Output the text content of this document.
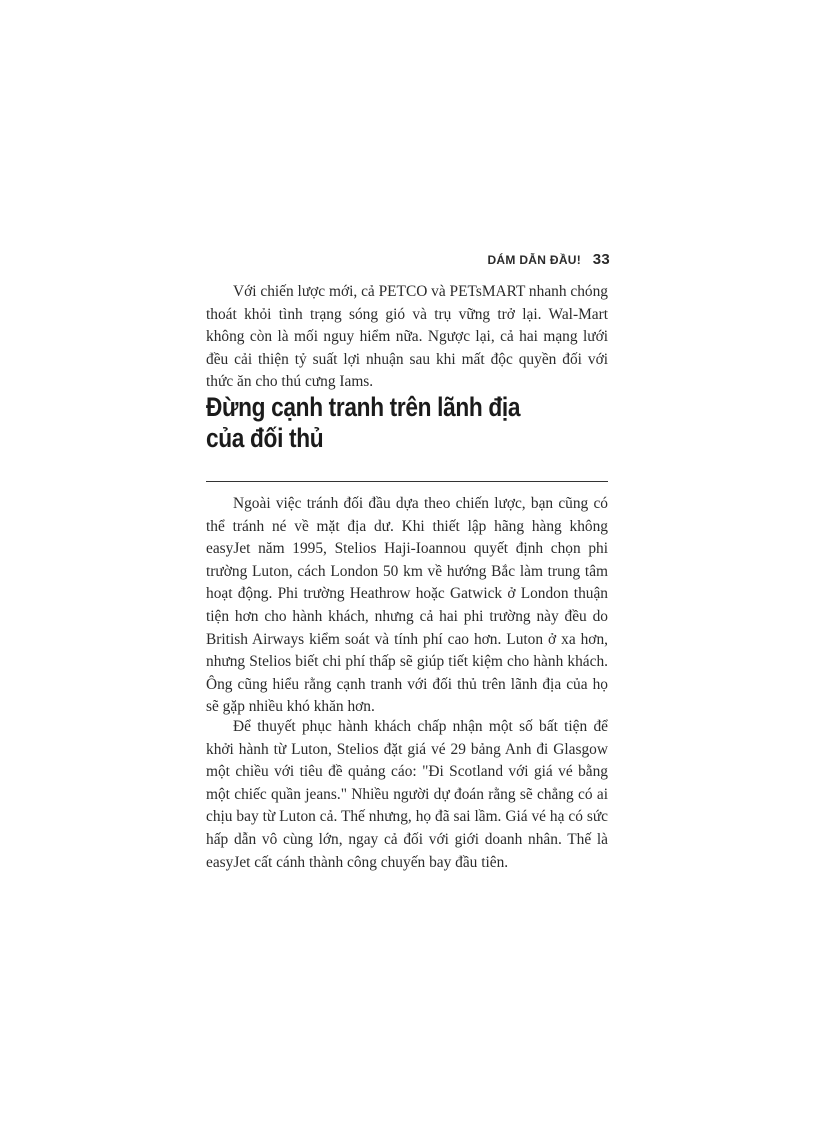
DÁM DẪN ĐẦU! 33

Với chiến lược mới, cả PETCO và PETsMART nhanh chóng thoát khỏi tình trạng sóng gió và trụ vững trở lại. Wal-Mart không còn là mối nguy hiểm nữa. Ngược lại, cả hai mạng lưới đều cải thiện tỷ suất lợi nhuận sau khi mất độc quyền đối với thức ăn cho thú cưng Iams.

Đừng cạnh tranh trên lãnh địa
của đối thủ

Ngoài việc tránh đối đầu dựa theo chiến lược, bạn cũng có thể tránh né về mặt địa dư. Khi thiết lập hãng hàng không easyJet năm 1995, Stelios Haji-Ioannou quyết định chọn phi trường Luton, cách London 50 km về hướng Bắc làm trung tâm hoạt động. Phi trường Heathrow hoặc Gatwick ở London thuận tiện hơn cho hành khách, nhưng cả hai phi trường này đều do British Airways kiểm soát và tính phí cao hơn. Luton ở xa hơn, nhưng Stelios biết chi phí thấp sẽ giúp tiết kiệm cho hành khách. Ông cũng hiểu rằng cạnh tranh với đối thủ trên lãnh địa của họ sẽ gặp nhiều khó khăn hơn.

Để thuyết phục hành khách chấp nhận một số bất tiện để khởi hành từ Luton, Stelios đặt giá vé 29 bảng Anh đi Glasgow một chiều với tiêu đề quảng cáo: "Đi Scotland với giá vé bằng một chiếc quần jeans." Nhiều người dự đoán rằng sẽ chẳng có ai chịu bay từ Luton cả. Thế nhưng, họ đã sai lầm. Giá vé hạ có sức hấp dẫn vô cùng lớn, ngay cả đối với giới doanh nhân. Thế là easyJet cất cánh thành công chuyến bay đầu tiên.
